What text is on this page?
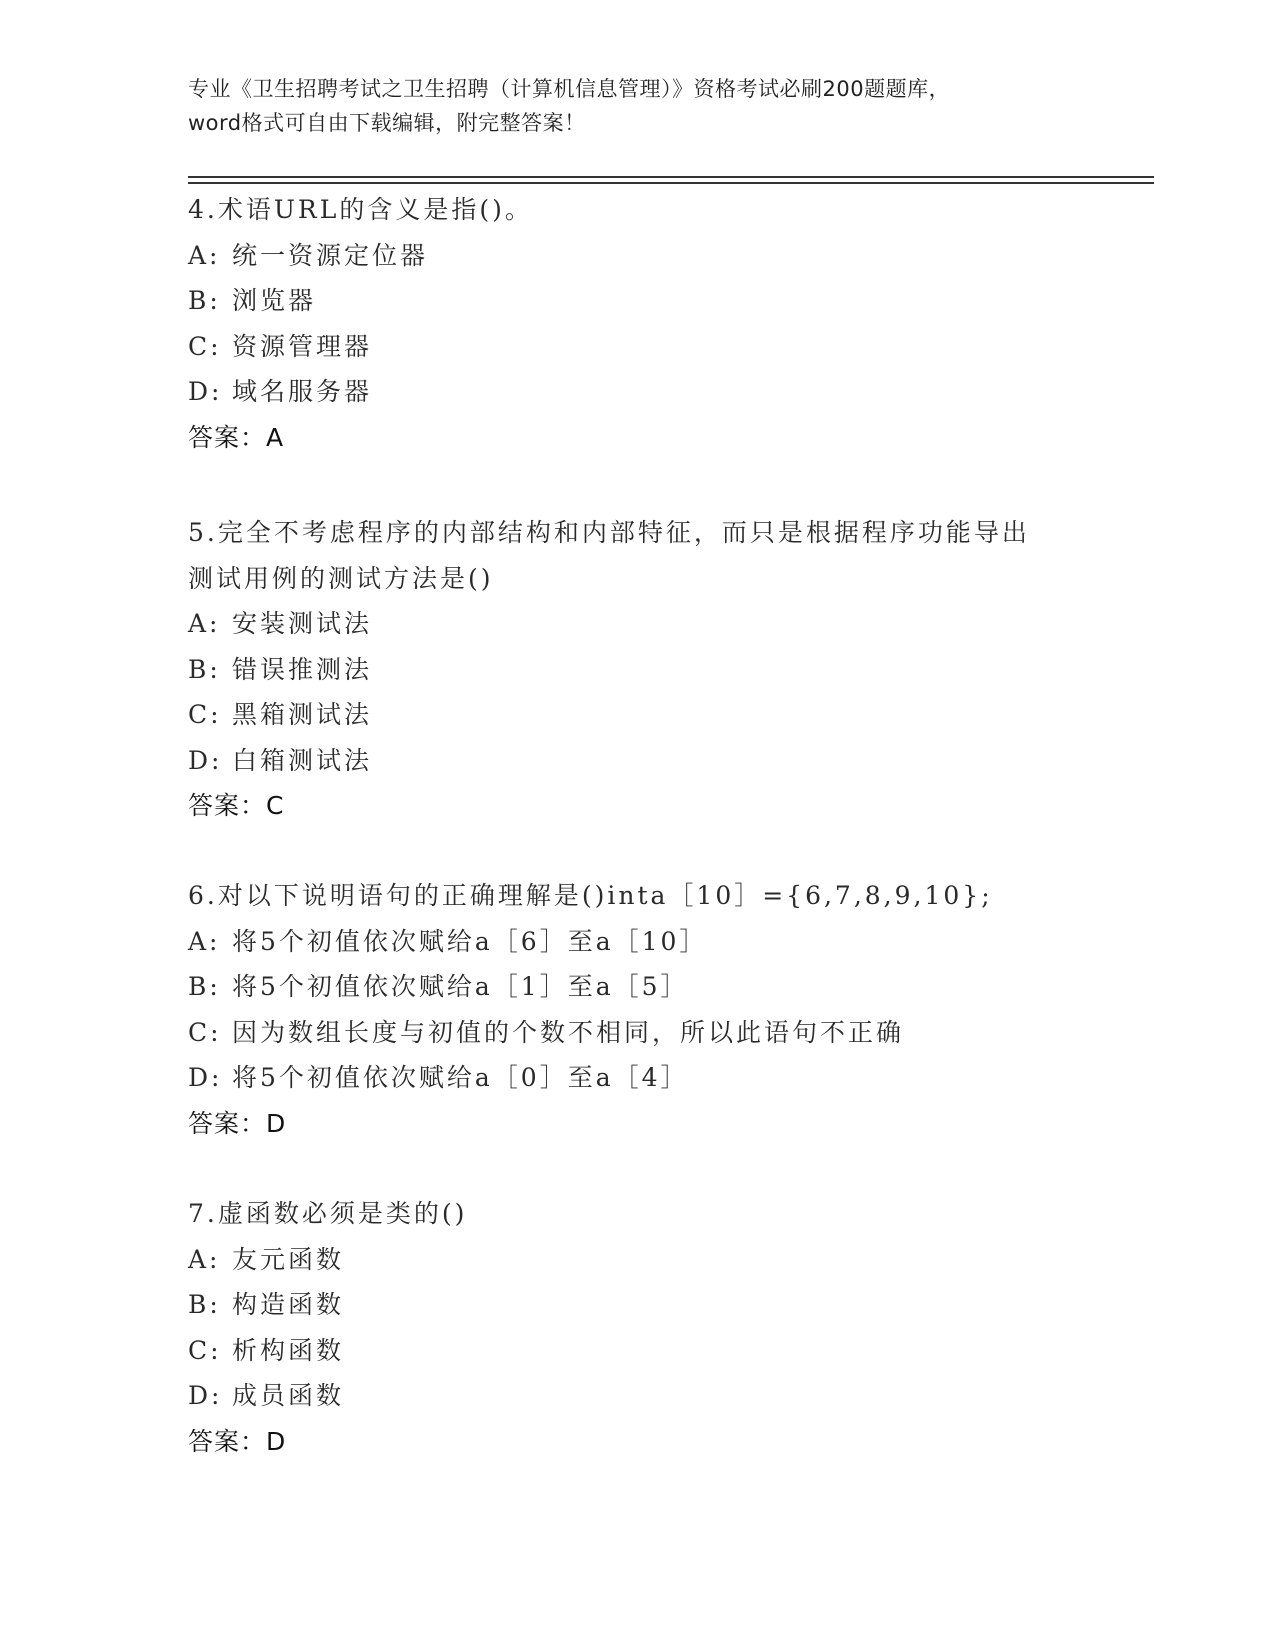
专业《卫生招聘考试之卫生招聘（计算机信息管理）》资格考试必刷200题题库，
word格式可自由下载编辑，附完整答案！
4.术语URL的含义是指()。
A: 统一资源定位器
B: 浏览器
C: 资源管理器
D: 域名服务器
答案：A
5.完全不考虑程序的内部结构和内部特征，而只是根据程序功能导出
测试用例的测试方法是()
A: 安装测试法
B: 错误推测法
C: 黑箱测试法
D: 白箱测试法
答案：C
6.对以下说明语句的正确理解是()inta［10］={6,7,8,9,10};
A: 将5个初值依次赋给a［6］至a［10］
B: 将5个初值依次赋给a［1］至a［5］
C: 因为数组长度与初值的个数不相同，所以此语句不正确
D: 将5个初值依次赋给a［0］至a［4］
答案：D
7.虚函数必须是类的()
A: 友元函数
B: 构造函数
C: 析构函数
D: 成员函数
答案：D
